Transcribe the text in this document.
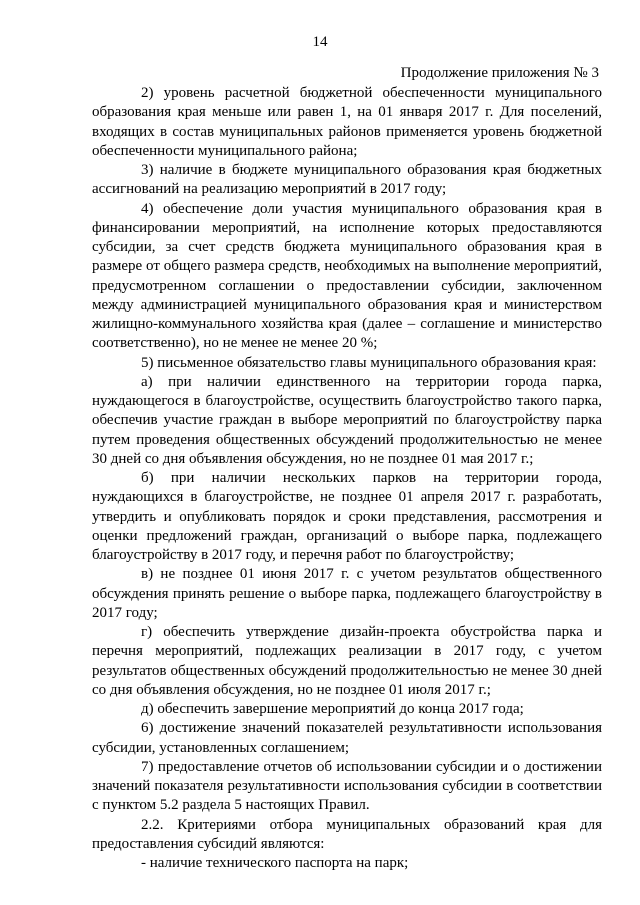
14
Продолжение приложения № 3

2) уровень расчетной бюджетной обеспеченности муниципального образования края меньше или равен 1, на 01 января 2017 г. Для поселений, входящих в состав муниципальных районов применяется уровень бюджетной обеспеченности муниципального района;

3) наличие в бюджете муниципального образования края бюджетных ассигнований на реализацию мероприятий в 2017 году;

4) обеспечение доли участия муниципального образования края в финансировании мероприятий, на исполнение которых предоставляются субсидии, за счет средств бюджета муниципального образования края в размере от общего размера средств, необходимых на выполнение мероприятий, предусмотренном соглашении о предоставлении субсидии, заключенном между администрацией муниципального образования края и министерством жилищно-коммунального хозяйства края (далее – соглашение и министерство соответственно), но не менее не менее 20 %;

5) письменное обязательство главы муниципального образования края:

а) при наличии единственного на территории города парка, нуждающегося в благоустройстве, осуществить благоустройство такого парка, обеспечив участие граждан в выборе мероприятий по благоустройству парка путем проведения общественных обсуждений продолжительностью не менее 30 дней со дня объявления обсуждения, но не позднее 01 мая 2017 г.;

б) при наличии нескольких парков на территории города, нуждающихся в благоустройстве, не позднее 01 апреля 2017 г. разработать, утвердить и опубликовать порядок и сроки представления, рассмотрения и оценки предложений граждан, организаций о выборе парка, подлежащего благоустройству в 2017 году, и перечня работ по благоустройству;

в) не позднее 01 июня 2017 г. с учетом результатов общественного обсуждения принять решение о выборе парка, подлежащего благоустройству в 2017 году;

г) обеспечить утверждение дизайн-проекта обустройства парка и перечня мероприятий, подлежащих реализации в 2017 году, с учетом результатов общественных обсуждений продолжительностью не менее 30 дней со дня объявления обсуждения, но не позднее 01 июля 2017 г.;

д) обеспечить завершение мероприятий до конца 2017 года;

6) достижение значений показателей результативности использования субсидии, установленных соглашением;

7) предоставление отчетов об использовании субсидии и о достижении значений показателя результативности использования субсидии в соответствии с пунктом 5.2 раздела 5 настоящих Правил.

2.2. Критериями отбора муниципальных образований края для предоставления субсидий являются:

- наличие технического паспорта на парк;
